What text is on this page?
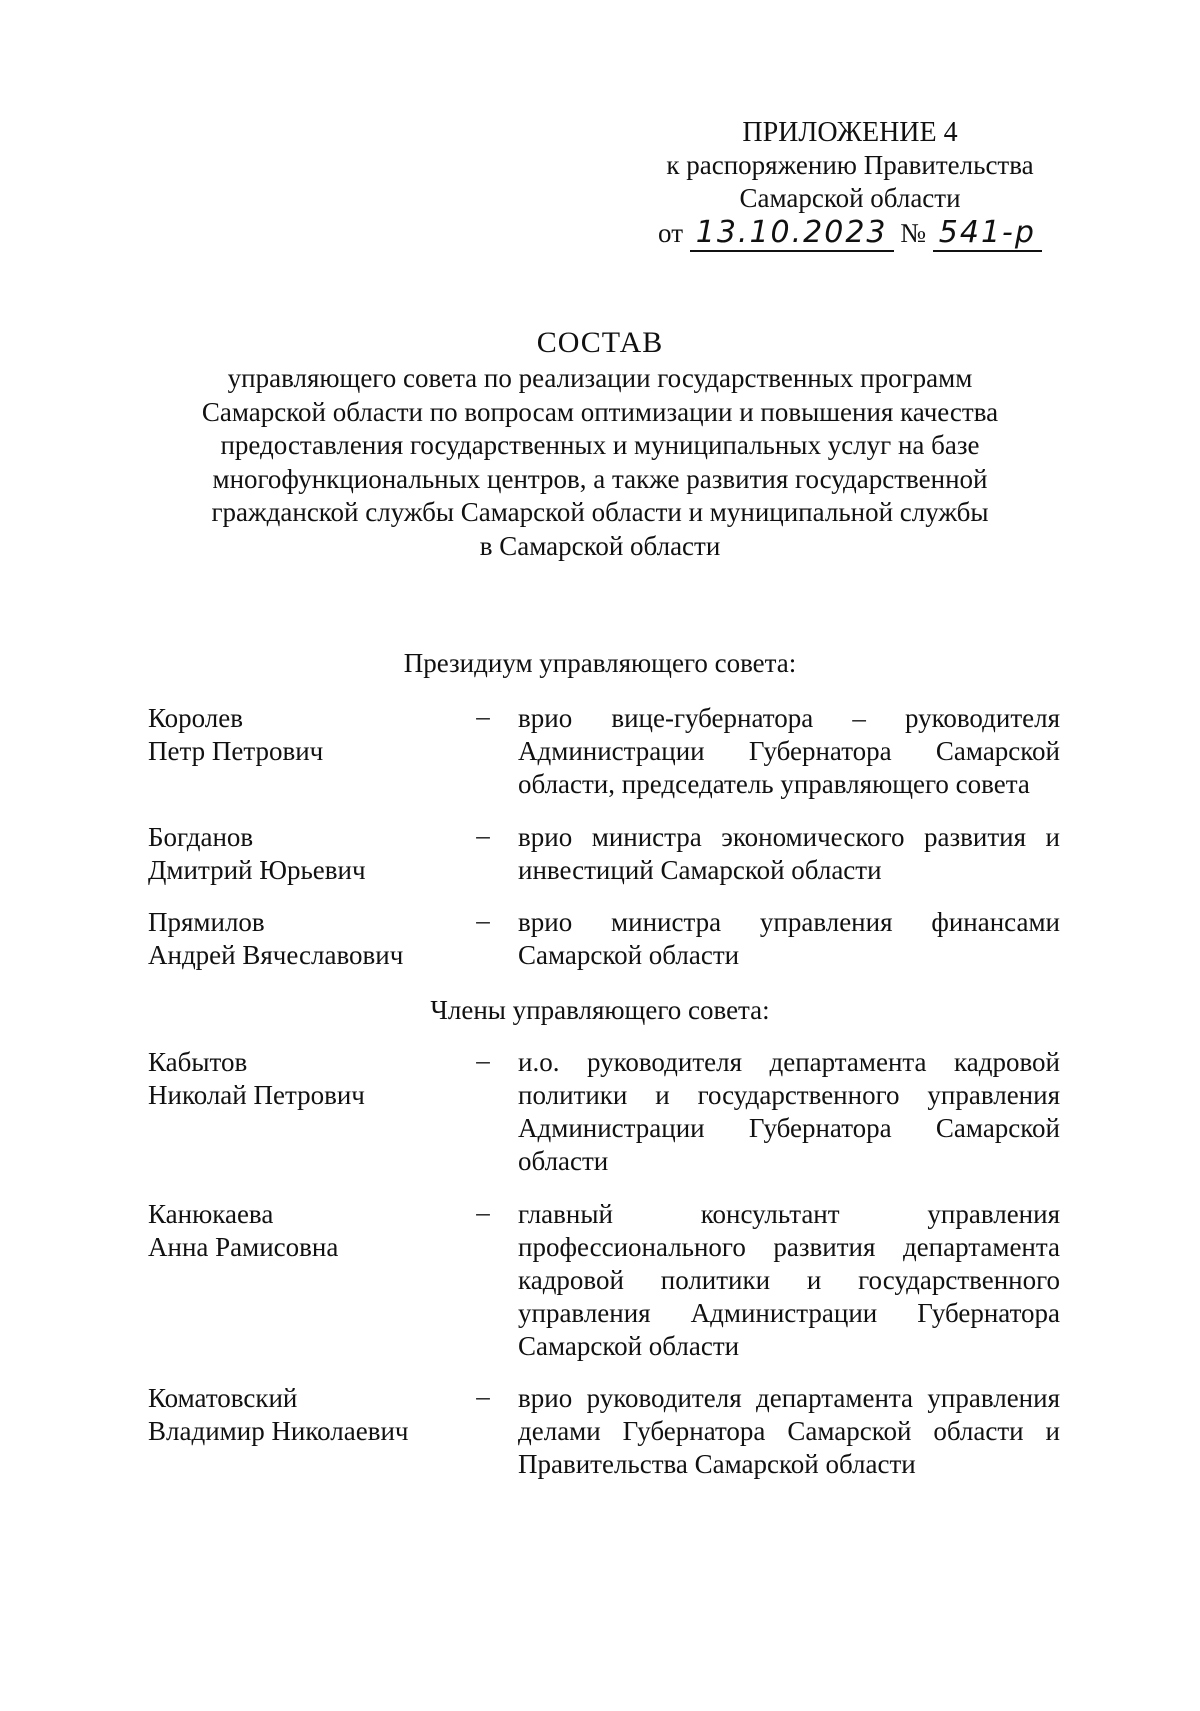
ПРИЛОЖЕНИЕ 4
к распоряжению Правительства
Самарской области
от 13.10.2023 № 541-р
СОСТАВ
управляющего совета по реализации государственных программ
Самарской области по вопросам оптимизации и повышения качества
предоставления государственных и муниципальных услуг на базе
многофункциональных центров, а также развития государственной
гражданской службы Самарской области и муниципальной службы
в Самарской области
Президиум управляющего совета:
Королев
Петр Петрович
– врио вице-губернатора – руководителя Администрации Губернатора Самарской области, председатель управляющего совета
Богданов
Дмитрий Юрьевич
– врио министра экономического развития и инвестиций Самарской области
Прямилов
Андрей Вячеславович
– врио министра управления финансами Самарской области
Члены управляющего совета:
Кабытов
Николай Петрович
– и.о. руководителя департамента кадровой политики и государственного управления Администрации Губернатора Самарской области
Канюкаева
Анна Рамисовна
– главный консультант управления профессионального развития департамента кадровой политики и государственного управления Администрации Губернатора Самарской области
Коматовский
Владимир Николаевич
– врио руководителя департамента управления делами Губернатора Самарской области и Правительства Самарской области
